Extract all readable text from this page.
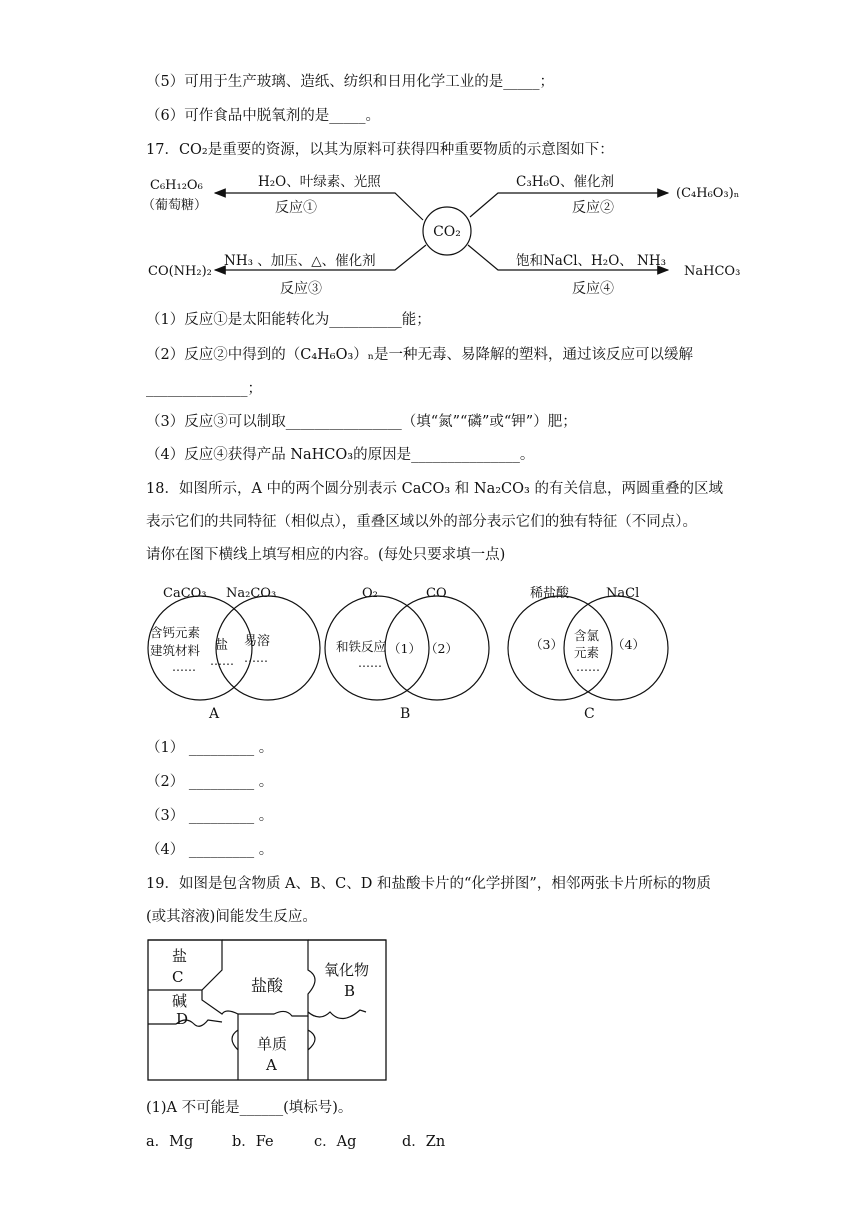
（5）可用于生产玻璃、造纸、纺织和日用化学工业的是_____；
（6）可作食品中脱氧剂的是_____。
17．CO₂是重要的资源，以其为原料可获得四种重要物质的示意图如下：
CO₂
C₆H₁₂O₆
（葡萄糖）
H₂O、叶绿素、光照
反应①
C₃H₆O、催化剂
反应②
(C₄H₆O₃)ₙ
NH₃ 、加压、△、催化剂
反应③
CO(NH₂)₂
饱和NaCl、H₂O、 NH₃
反应④
NaHCO₃
（1）反应①是太阳能转化为__________能；
（2）反应②中得到的（C₄H₆O₃）ₙ是一种无毒、易降解的塑料，通过该反应可以缓解
______________；
（3）反应③可以制取________________（填“氮”“磷”或“钾”）肥；
（4）反应④获得产品 NaHCO₃的原因是_______________。
18．如图所示，A 中的两个圆分别表示 CaCO₃ 和 Na₂CO₃ 的有关信息，两圆重叠的区域
表示它们的共同特征（相似点），重叠区域以外的部分表示它们的独有特征（不同点）。
请你在图下横线上填写相应的内容。(每处只要求填一点)
CaCO₃ Na₂CO₃
含钙元素
建筑材料
……
盐
……
易溶
……
A
O₂	CO
和铁反应
……
（1） （2）
B
稀盐酸	NaCl
（3）
含氯
元素
……
（4）
C
（1） _________ 。
（2） _________ 。
（3） _________ 。
（4） _________ 。
19．如图是包含物质 A、B、C、D 和盐酸卡片的“化学拼图”，相邻两张卡片所标的物质
(或其溶液)间能发生反应。
盐
C
碱
D
盐酸
氧化物
B
单质
A
(1)A 不可能是______(填标号)。
a．Mg	b．Fe	c．Ag	d．Zn
